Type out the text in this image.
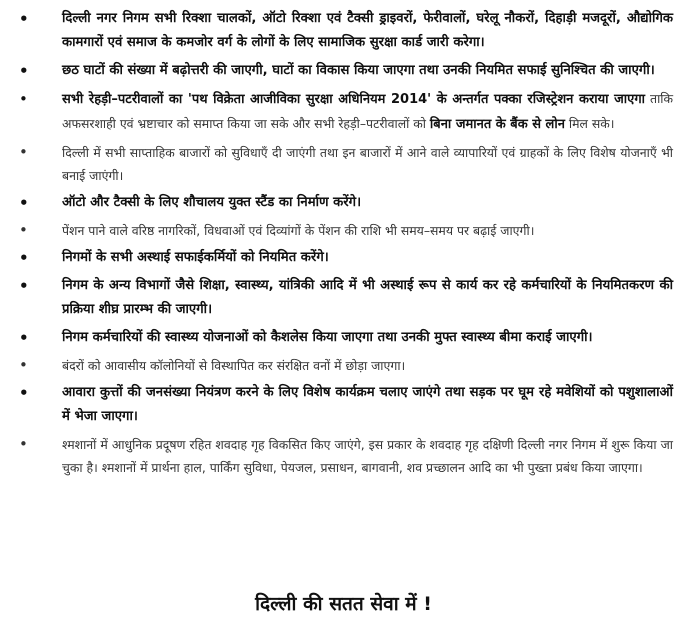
•	दिल्ली नगर निगम सभी रिक्शा चालकों, ऑटो रिक्शा एवं टैक्सी ड्राइवरों, फेरीवालों, घरेलू नौकरों, दिहाड़ी मजदूरों, औद्योगिक कामगारों एवं समाज के कमजोर वर्ग के लोगों के लिए सामाजिक सुरक्षा कार्ड जारी करेगा।
•	छठ घाटों की संख्या में बढ़ोत्तरी की जाएगी, घाटों का विकास किया जाएगा तथा उनकी नियमित सफाई सुनिश्चित की जाएगी।
•	सभी रेहड़ी–पटरीवालों का 'पथ विक्रेता आजीविका सुरक्षा अधिनियम 2014' के अन्तर्गत पक्का रजिस्ट्रेशन कराया जाएगा ताकि अफसरशाही एवं भ्रष्टाचार को समाप्त किया जा सके और सभी रेहड़ी–पटरीवालों को बिना जमानत के बैंक से लोन मिल सके।
•	दिल्ली में सभी साप्ताहिक बाजारों को सुविधाएँ दी जाएंगी तथा इन बाजारों में आने वाले व्यापारियों एवं ग्राहकों के लिए विशेष योजनाएँ भी बनाई जाएंगी।
•	ऑटो और टैक्सी के लिए शौचालय युक्त स्टैंड का निर्माण करेंगे।
•	पेंशन पाने वाले वरिष्ठ नागरिकों, विधवाओं एवं दिव्यांगों के पेंशन की राशि भी समय–समय पर बढ़ाई जाएगी।
•	निगमों के सभी अस्थाई सफाईकर्मियों को नियमित करेंगे।
•	निगम के अन्य विभागों जैसे शिक्षा, स्वास्थ्य, यांत्रिकी आदि में भी अस्थाई रूप से कार्य कर रहे कर्मचारियों के नियमितकरण की प्रक्रिया शीघ्र प्रारम्भ की जाएगी।
•	निगम कर्मचारियों की स्वास्थ्य योजनाओं को कैशलेस किया जाएगा तथा उनकी मुफ्त स्वास्थ्य बीमा कराई जाएगी।
•	बंदरों को आवासीय कॉलोनियों से विस्थापित कर संरक्षित वनों में छोड़ा जाएगा।
•	आवारा कुत्तों की जनसंख्या नियंत्रण करने के लिए विशेष कार्यक्रम चलाए जाएंगे तथा सड़क पर घूम रहे मवेशियों को पशुशालाओं में भेजा जाएगा।
•	श्मशानों में आधुनिक प्रदूषण रहित शवदाह गृह विकसित किए जाएंगे, इस प्रकार के शवदाह गृह दक्षिणी दिल्ली नगर निगम में शुरू किया जा चुका है। श्मशानों में प्रार्थना हाल, पार्किंग सुविधा, पेयजल, प्रसाधन, बागवानी, शव प्रच्छालन आदि का भी पुख्ता प्रबंध किया जाएगा।
दिल्ली की सतत सेवा में !
